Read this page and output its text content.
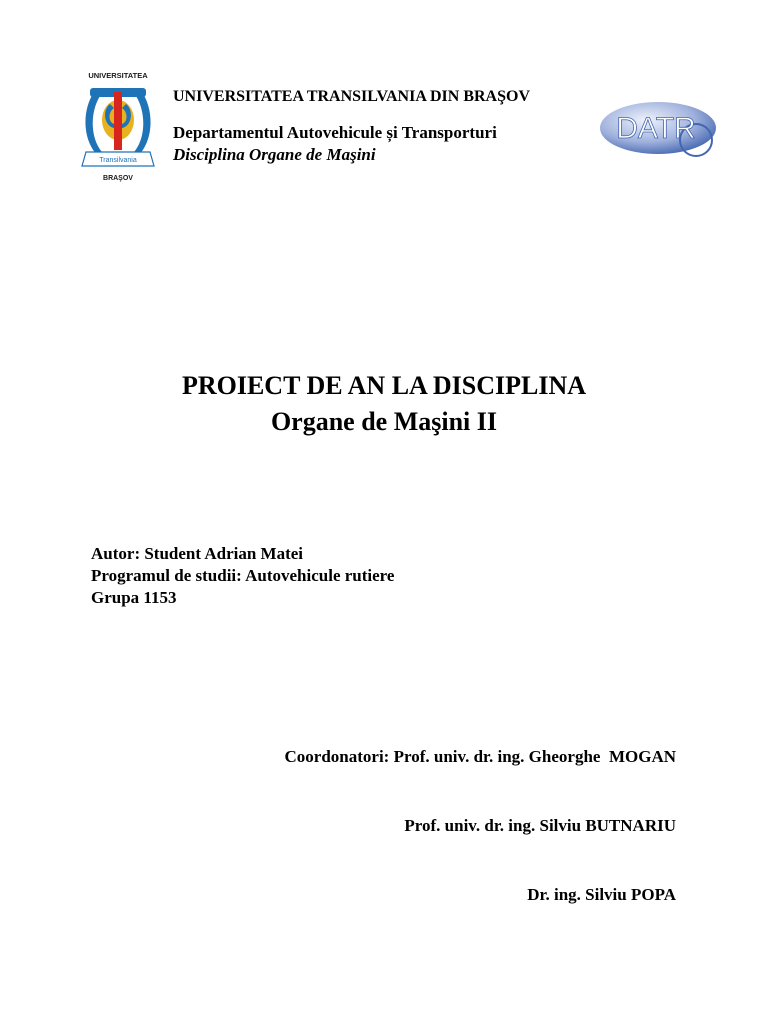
UNIVERSITATEA
Transilvania
BRAŞOV
UNIVERSITATEA TRANSILVANIA DIN BRAŞOV
Departamentul Autovehicule și Transporturi
Disciplina Organe de Maşini
DATR
PROIECT DE AN LA DISCIPLINA
Organe de Maşini II
Autor: Student Adrian Matei
Programul de studii: Autovehicule rutiere
Grupa 1153

Coordonatori: Prof. univ. dr. ing. Gheorghe  MOGAN

Prof. univ. dr. ing. Silviu BUTNARIU

Dr. ing. Silviu POPA
